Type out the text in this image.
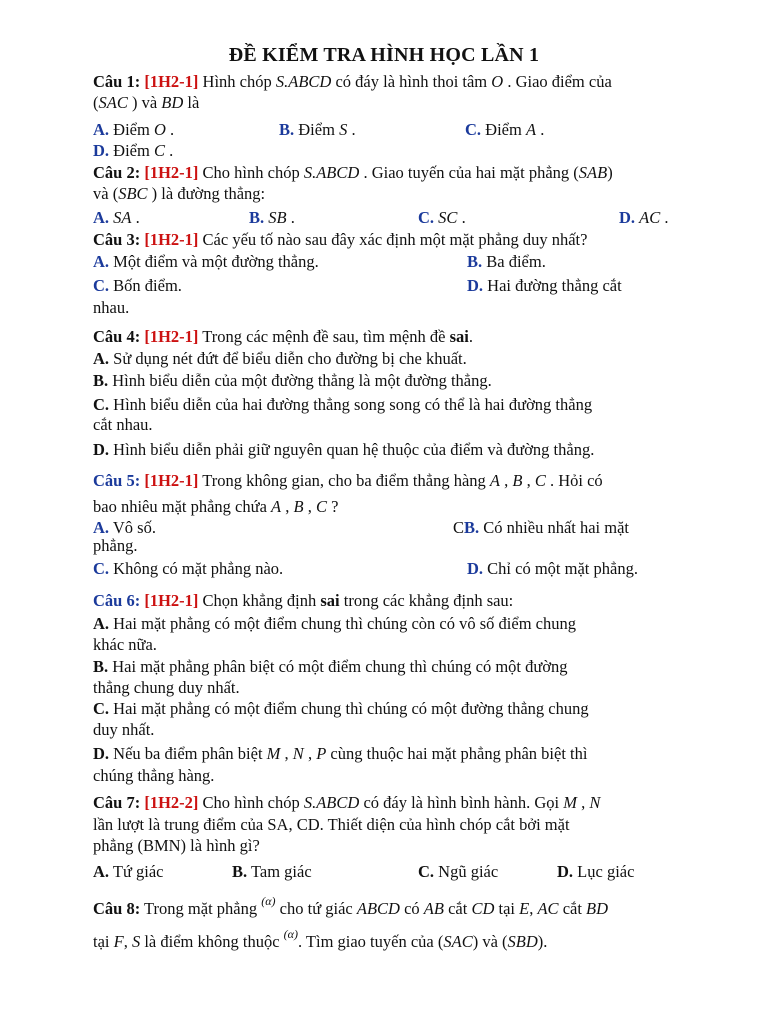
ĐỀ KIỂM TRA HÌNH HỌC LẦN 1
Câu 1: [1H2-1] Hình chóp S.ABCD có đáy là hình thoi tâm O . Giao điểm của
(SAC ) và BD là
A. Điểm O .	B. Điểm S .	C. Điểm A .
D. Điểm C .
Câu 2: [1H2-1] Cho hình chóp S.ABCD . Giao tuyến của hai mặt phẳng (SAB)
và (SBC ) là đường thẳng:
A. SA .	B. SB .	C. SC .	D. AC .
Câu 3: [1H2-1] Các yếu tố nào sau đây xác định một mặt phẳng duy nhất?
A. Một điểm và một đường thẳng.	B. Ba điểm.
C. Bốn điểm.	D. Hai đường thẳng cắt
nhau.
Câu 4: [1H2-1] Trong các mệnh đề sau, tìm mệnh đề sai.
A. Sử dụng nét đứt để biểu diễn cho đường bị che khuất.
B. Hình biểu diễn của một đường thẳng là một đường thẳng.
C. Hình biểu diễn của hai đường thẳng song song có thể là hai đường thẳng
cắt nhau.
D. Hình biểu diễn phải giữ nguyên quan hệ thuộc của điểm và đường thẳng.
Câu 5: [1H2-1] Trong không gian, cho ba điểm thẳng hàng A , B , C . Hỏi có
bao nhiêu mặt phẳng chứa A , B , C ?
A. Vô số.	CB. Có nhiều nhất hai mặt
phẳng.
C. Không có mặt phẳng nào.	D. Chỉ có một mặt phẳng.
Câu 6: [1H2-1] Chọn khẳng định sai trong các khẳng định sau:
A. Hai mặt phẳng có một điểm chung thì chúng còn có vô số điểm chung
khác nữa.
B. Hai mặt phẳng phân biệt có một điểm chung thì chúng có một đường
thẳng chung duy nhất.
C. Hai mặt phẳng có một điểm chung thì chúng có một đường thẳng chung
duy nhất.
D. Nếu ba điểm phân biệt M , N , P cùng thuộc hai mặt phẳng phân biệt thì
chúng thẳng hàng.
Câu 7: [1H2-2] Cho hình chóp S.ABCD có đáy là hình bình hành. Gọi M , N
lần lượt là trung điểm của SA, CD. Thiết diện của hình chóp cắt bởi mặt
phẳng (BMN) là hình gì?
A. Tứ giác	B. Tam giác	C. Ngũ giác	D. Lục giác
Câu 8: Trong mặt phẳng $^{(\alpha)}$ cho tứ giác ABCD có AB cắt CD tại E, AC cắt BD
tại F, S là điểm không thuộc $^{(\alpha)}$. Tìm giao tuyến của (SAC) và (SBD).
